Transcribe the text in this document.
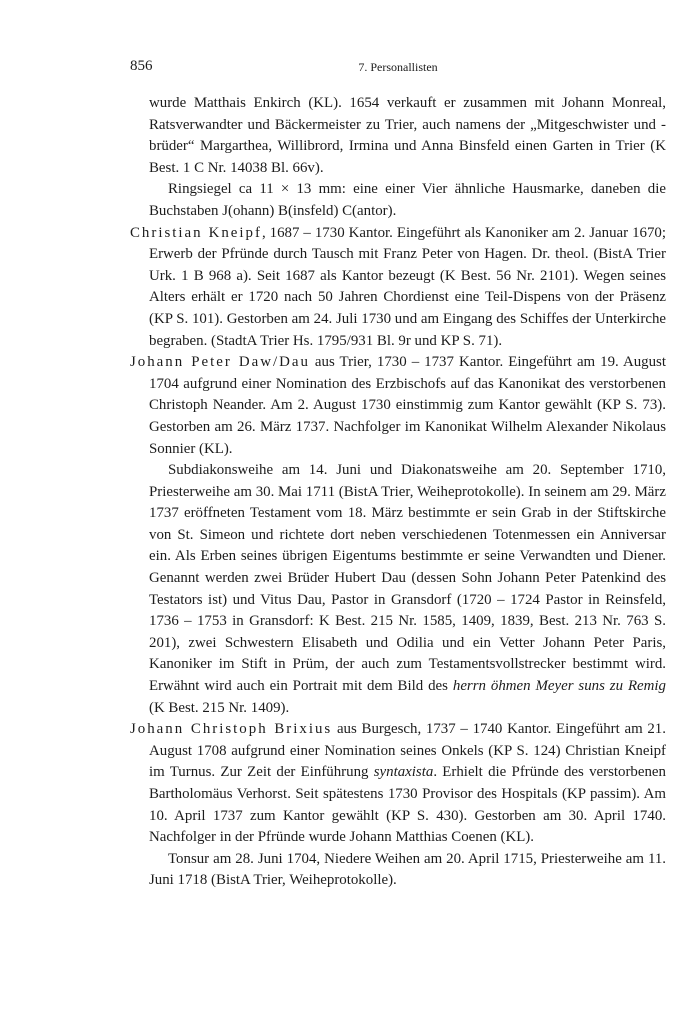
856	7. Personallisten

wurde Matthais Enkirch (KL). 1654 verkauft er zusammen mit Johann Monreal, Ratsverwandter und Bäckermeister zu Trier, auch namens der „Mitgeschwister und -brüder“ Margarthea, Willibrord, Irmina und Anna Binsfeld einen Garten in Trier (K Best. 1 C Nr. 14038 Bl. 66v).

Ringsiegel ca 11 × 13 mm: eine einer Vier ähnliche Hausmarke, daneben die Buchstaben J(ohann) B(insfeld) C(antor).

Christian Kneipf, 1687 – 1730 Kantor. Eingeführt als Kanoniker am 2. Januar 1670; Erwerb der Pfründe durch Tausch mit Franz Peter von Hagen. Dr. theol. (BistA Trier Urk. 1 B 968 a). Seit 1687 als Kantor bezeugt (K Best. 56 Nr. 2101). Wegen seines Alters erhält er 1720 nach 50 Jahren Chordienst eine Teil-Dispens von der Präsenz (KP S. 101). Gestorben am 24. Juli 1730 und am Eingang des Schiffes der Unterkirche begraben. (StadtA Trier Hs. 1795/931 Bl. 9r und KP S. 71).

Johann Peter Daw/Dau aus Trier, 1730 – 1737 Kantor. Eingeführt am 19. August 1704 aufgrund einer Nomination des Erzbischofs auf das Kanonikat des verstorbenen Christoph Neander. Am 2. August 1730 einstimmig zum Kantor gewählt (KP S. 73). Gestorben am 26. März 1737. Nachfolger im Kanonikat Wilhelm Alexander Nikolaus Sonnier (KL).

Subdiakonsweihe am 14. Juni und Diakonatsweihe am 20. September 1710, Priesterweihe am 30. Mai 1711 (BistA Trier, Weiheprotokolle). In seinem am 29. März 1737 eröffneten Testament vom 18. März bestimmte er sein Grab in der Stiftskirche von St. Simeon und richtete dort neben verschiedenen Totenmessen ein Anniversar ein. Als Erben seines übrigen Eigentums bestimmte er seine Verwandten und Diener. Genannt werden zwei Brüder Hubert Dau (dessen Sohn Johann Peter Patenkind des Testators ist) und Vitus Dau, Pastor in Gransdorf (1720 – 1724 Pastor in Reinsfeld, 1736 – 1753 in Gransdorf: K Best. 215 Nr. 1585, 1409, 1839, Best. 213 Nr. 763 S. 201), zwei Schwestern Elisabeth und Odilia und ein Vetter Johann Peter Paris, Kanoniker im Stift in Prüm, der auch zum Testamentsvollstrecker bestimmt wird. Erwähnt wird auch ein Portrait mit dem Bild des herrn öhmen Meyer suns zu Remig (K Best. 215 Nr. 1409).

Johann Christoph Brixius aus Burgesch, 1737 – 1740 Kantor. Eingeführt am 21. August 1708 aufgrund einer Nomination seines Onkels (KP S. 124) Christian Kneipf im Turnus. Zur Zeit der Einführung syntaxista. Erhielt die Pfründe des verstorbenen Bartholomäus Verhorst. Seit spätestens 1730 Provisor des Hospitals (KP passim). Am 10. April 1737 zum Kantor gewählt (KP S. 430). Gestorben am 30. April 1740. Nachfolger in der Pfründe wurde Johann Matthias Coenen (KL).

Tonsur am 28. Juni 1704, Niedere Weihen am 20. April 1715, Priesterweihe am 11. Juni 1718 (BistA Trier, Weiheprotokolle).
